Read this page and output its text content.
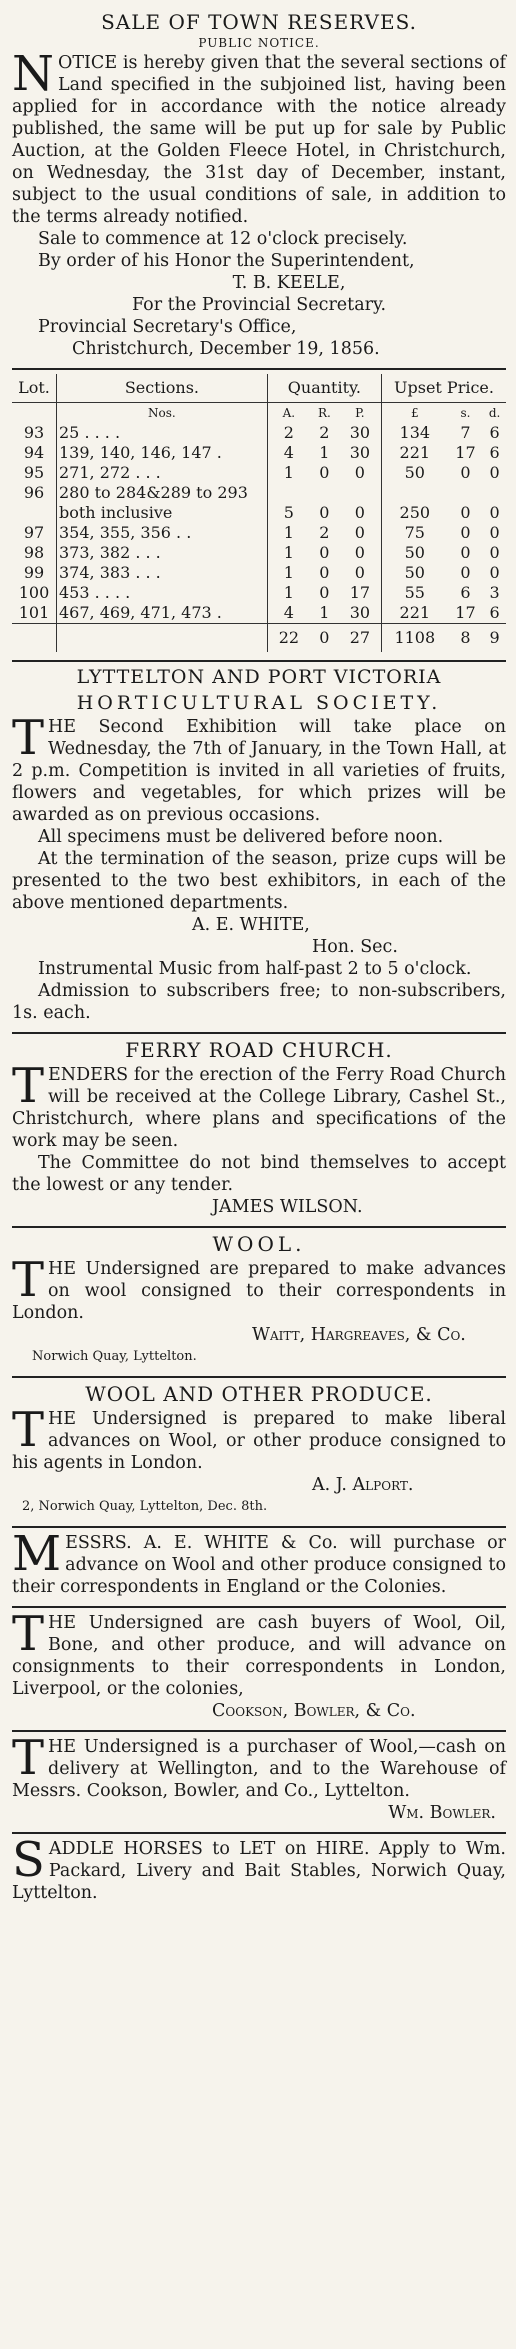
SALE OF TOWN RESERVES.
PUBLIC NOTICE.

NOTICE is hereby given that the several sections of Land specified in the subjoined list, having been applied for in accordance with the notice already published, the same will be put up for sale by Public Auction, at the Golden Fleece Hotel, in Christchurch, on Wednesday, the 31st day of December, instant, subject to the usual conditions of sale, in addition to the terms already notified.

Sale to commence at 12 o'clock precisely.

By order of his Honor the Superintendent,

T. B. KEELE,

For the Provincial Secretary.

Provincial Secretary's Office,

Christchurch, December 19, 1856.

Lot.	Sections.	Quantity.			Upset Price.		
	Nos.	A.	R.	P.	£	s.	d.
93	25 . . . .	2	2	30	134	7	6
94	139, 140, 146, 147 .	4	1	30	221	17	6
95	271, 272 . . .	1	0	0	50	0	0
96	280 to 284&289 to 293						
	both inclusive	5	0	0	250	0	0
97	354, 355, 356 . .	1	2	0	75	0	0
98	373, 382 . . .	1	0	0	50	0	0
99	374, 383 . . .	1	0	0	50	0	0
100	453 . . . .	1	0	17	55	6	3
101	467, 469, 471, 473 .	4	1	30	221	17	6
		22	0	27	1108	8	9
LYTTELTON AND PORT VICTORIA
HORTICULTURAL SOCIETY.

THE Second Exhibition will take place on Wednesday, the 7th of January, in the Town Hall, at 2 p.m. Competition is invited in all varieties of fruits, flowers and vegetables, for which prizes will be awarded as on previous occasions.

All specimens must be delivered before noon.

At the termination of the season, prize cups will be presented to the two best exhibitors, in each of the above mentioned departments.

A. E. WHITE,

Hon. Sec.

Instrumental Music from half-past 2 to 5 o'clock.

Admission to subscribers free; to non-subscribers, 1s. each.

FERRY ROAD CHURCH.

TENDERS for the erection of the Ferry Road Church will be received at the College Library, Cashel St., Christchurch, where plans and specifications of the work may be seen.

The Committee do not bind themselves to accept the lowest or any tender.

JAMES WILSON.

WOOL.

THE Undersigned are prepared to make advances on wool consigned to their correspondents in London.

Waitt, Hargreaves, & Co.

Norwich Quay, Lyttelton.

WOOL AND OTHER PRODUCE.

THE Undersigned is prepared to make liberal advances on Wool, or other produce consigned to his agents in London.

A. J. Alport.

2, Norwich Quay, Lyttelton, Dec. 8th.

MESSRS. A. E. WHITE & Co. will purchase or advance on Wool and other produce consigned to their correspondents in England or the Colonies.

THE Undersigned are cash buyers of Wool, Oil, Bone, and other produce, and will advance on consignments to their correspondents in London, Liverpool, or the colonies,

Cookson, Bowler, & Co.

THE Undersigned is a purchaser of Wool,—cash on delivery at Wellington, and to the Warehouse of Messrs. Cookson, Bowler, and Co., Lyttelton.

Wm. Bowler.

SADDLE HORSES to LET on HIRE. Apply to Wm. Packard, Livery and Bait Stables, Norwich Quay, Lyttelton.
